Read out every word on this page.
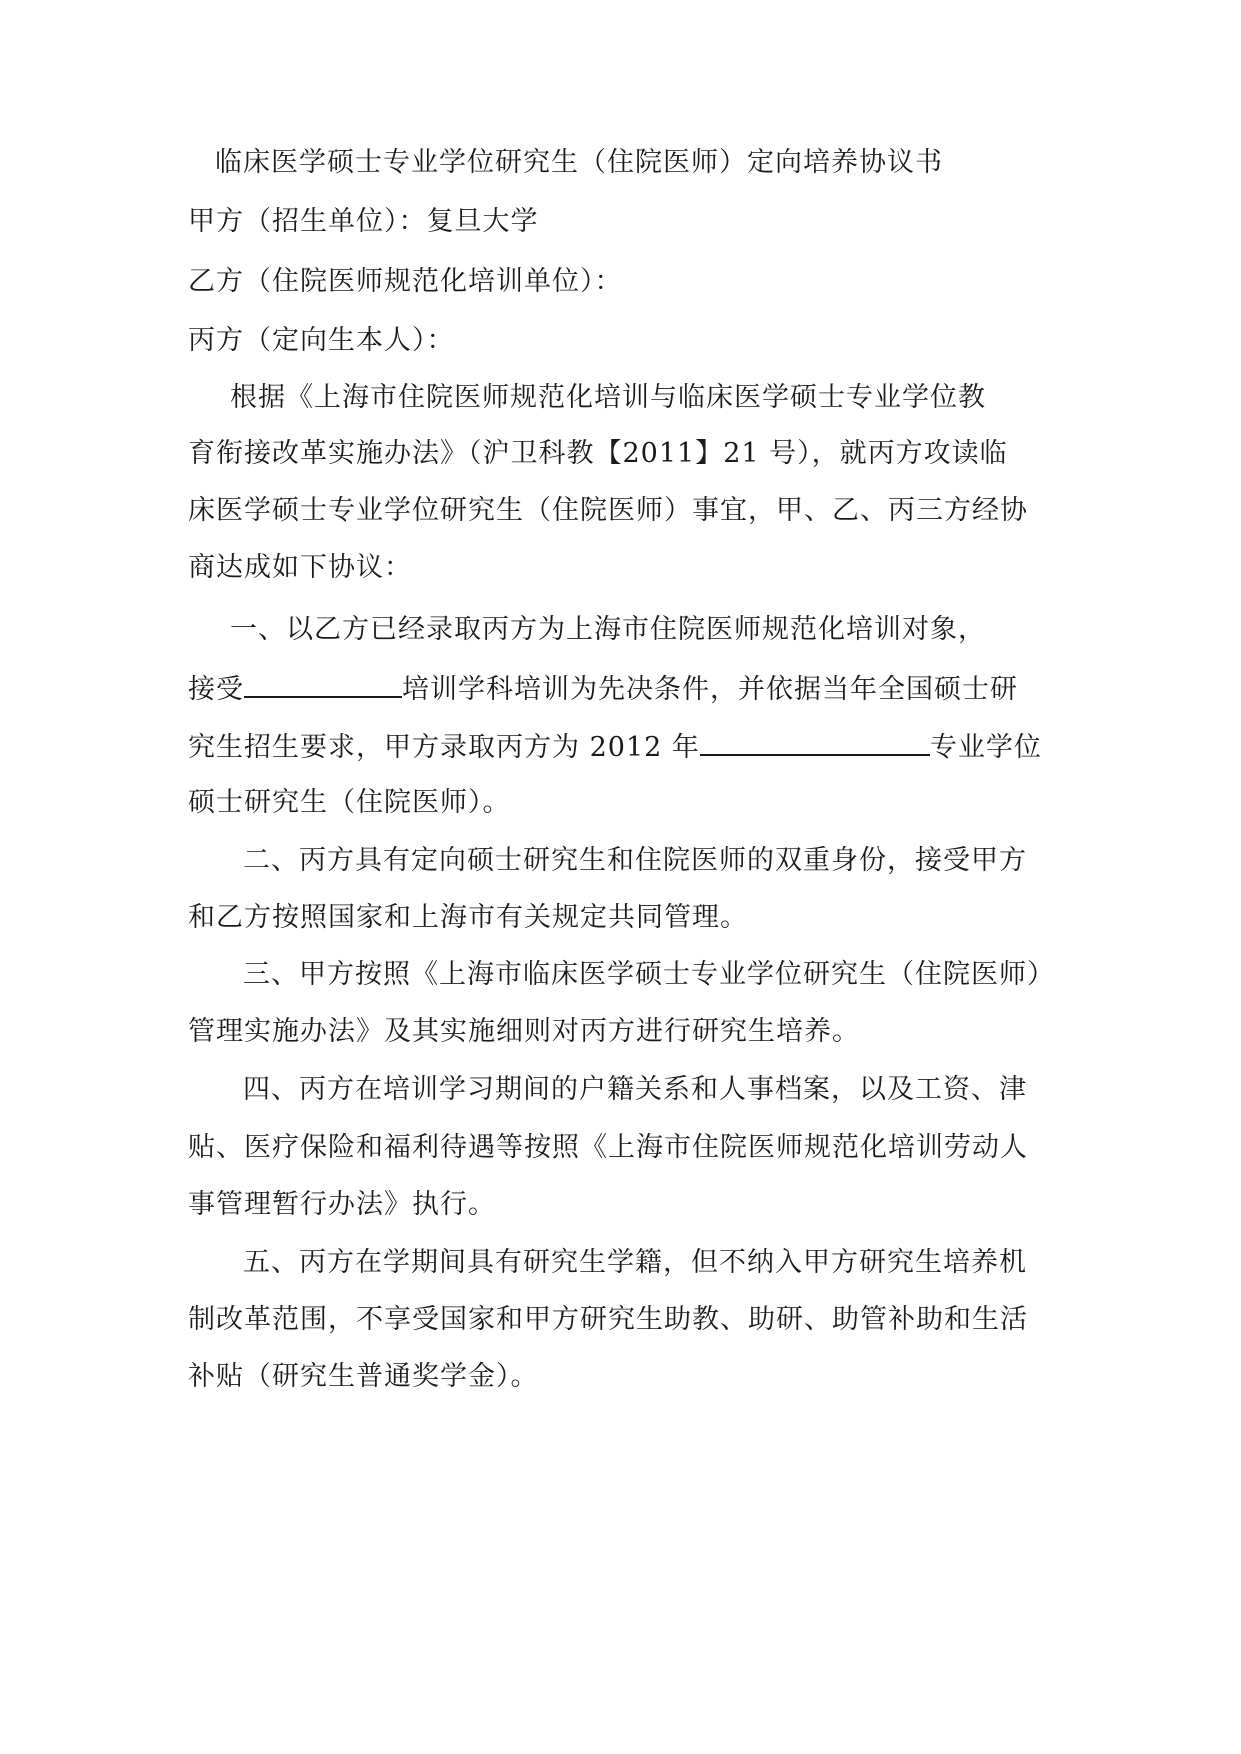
临床医学硕士专业学位研究生（住院医师）定向培养协议书
甲方（招生单位）：复旦大学
乙方（住院医师规范化培训单位）：
丙方（定向生本人）：
根据《上海市住院医师规范化培训与临床医学硕士专业学位教
育衔接改革实施办法》（沪卫科教【2011】21 号），就丙方攻读临
床医学硕士专业学位研究生（住院医师）事宜，甲、乙、丙三方经协
商达成如下协议：
一、以乙方已经录取丙方为上海市住院医师规范化培训对象，
接受	培训学科培训为先决条件，并依据当年全国硕士研
究生招生要求，甲方录取丙方为 2012 年	专业学位
硕士研究生（住院医师）。
二、丙方具有定向硕士研究生和住院医师的双重身份，接受甲方
和乙方按照国家和上海市有关规定共同管理。
三、甲方按照《上海市临床医学硕士专业学位研究生（住院医师）
管理实施办法》及其实施细则对丙方进行研究生培养。
四、丙方在培训学习期间的户籍关系和人事档案，以及工资、津
贴、医疗保险和福利待遇等按照《上海市住院医师规范化培训劳动人
事管理暂行办法》执行。
五、丙方在学期间具有研究生学籍，但不纳入甲方研究生培养机
制改革范围，不享受国家和甲方研究生助教、助研、助管补助和生活
补贴（研究生普通奖学金）。
